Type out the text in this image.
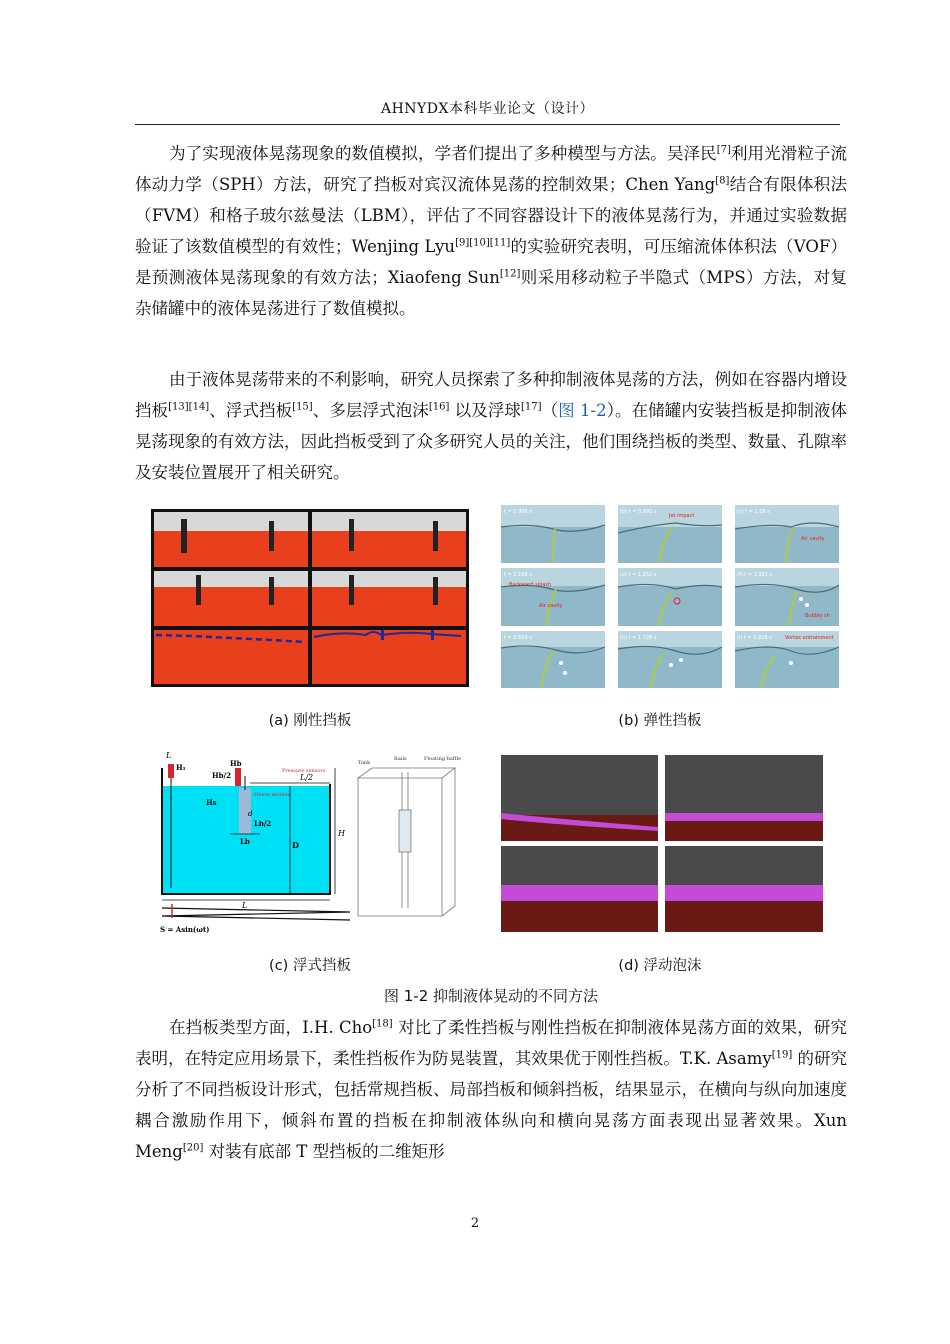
AHNYDX本科毕业论文（设计）

为了实现液体晃荡现象的数值模拟，学者们提出了多种模型与方法。吴泽民[7]利用光滑粒子流体动力学（SPH）方法，研究了挡板对宾汉流体晃荡的控制效果；Chen Yang[8]结合有限体积法（FVM）和格子玻尔兹曼法（LBM），评估了不同容器设计下的液体晃荡行为，并通过实验数据验证了该数值模型的有效性；Wenjing Lyu[9][10][11]的实验研究表明，可压缩流体体积法（VOF）是预测液体晃荡现象的有效方法；Xiaofeng Sun[12]则采用移动粒子半隐式（MPS）方法，对复杂储罐中的液体晃荡进行了数值模拟。

由于液体晃荡带来的不利影响，研究人员探索了多种抑制液体晃荡的方法，例如在容器内增设挡板[13][14]、浮式挡板[15]、多层浮式泡沫[16] 以及浮球[17]（图 1-2）。在储罐内安装挡板是抑制液体晃荡现象的有效方法，因此挡板受到了众多研究人员的关注，他们围绕挡板的类型、数量、孔隙率及安装位置展开了相关研究。

t = 0.996 s	(b) t = 0.992 s
Jet impact
(c) t = 1.08 s
Air cavity
t = 1.168 s
Backward splash
Air cavity
(e) t = 1.252 s	(f) t = 1.352 s
Bubble sh
t = 1.554 s	(h) t = 1.728 s	(i) t = 1.928 s	Vortex entrainment
(a) 刚性挡板	(b) 弹性挡板
L
H₁	Hb
Hb/2	L/2
Hs
d
Lb/2
Lb	D
H
L
S = Asin(ωt)
Pressure sensors
Heave motion
Tank
Rails	Floating baffle
(c) 浮式挡板	(d) 浮动泡沫
图 1-2 抑制液体晃动的不同方法

在挡板类型方面，I.H. Cho[18] 对比了柔性挡板与刚性挡板在抑制液体晃荡方面的效果，研究表明，在特定应用场景下，柔性挡板作为防晃装置，其效果优于刚性挡板。T.K. Asamy[19] 的研究分析了不同挡板设计形式，包括常规挡板、局部挡板和倾斜挡板，结果显示，在横向与纵向加速度耦合激励作用下，倾斜布置的挡板在抑制液体纵向和横向晃荡方面表现出显著效果。Xun Meng[20] 对装有底部 T 型挡板的二维矩形

2
